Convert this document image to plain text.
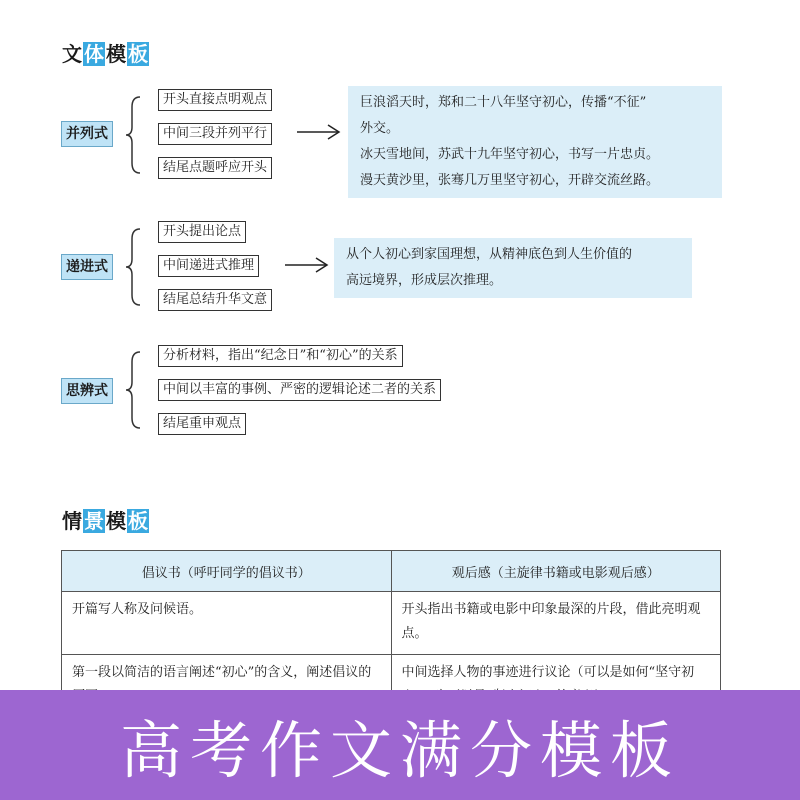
文 体 模 板
并列式
开头直接点明观点
中间三段并列平行
结尾点题呼应开头
巨浪滔天时，郑和二十八年坚守初心，传播“不征”
外交。
冰天雪地间，苏武十九年坚守初心，书写一片忠贞。
漫天黄沙里，张骞几万里坚守初心，开辟交流丝路。
递进式
开头提出论点
中间递进式推理
结尾总结升华文意
从个人初心到家国理想，从精神底色到人生价值的
高远境界，形成层次推理。
思辨式
分析材料，指出“纪念日”和“初心”的关系
中间以丰富的事例、严密的逻辑论述二者的关系
结尾重申观点
情 景 模 板
倡议书（呼吁同学的倡议书）	观后感（主旋律书籍或电影观后感）
开篇写人称及问候语。	开头指出书籍或电影中印象最深的片段，借此亮明观点。
第一段以简洁的语言阐述“初心”的含义，阐述倡议的	中间选择人物的事迹进行议论（可以是如何“坚守初
高考作文满分模板
